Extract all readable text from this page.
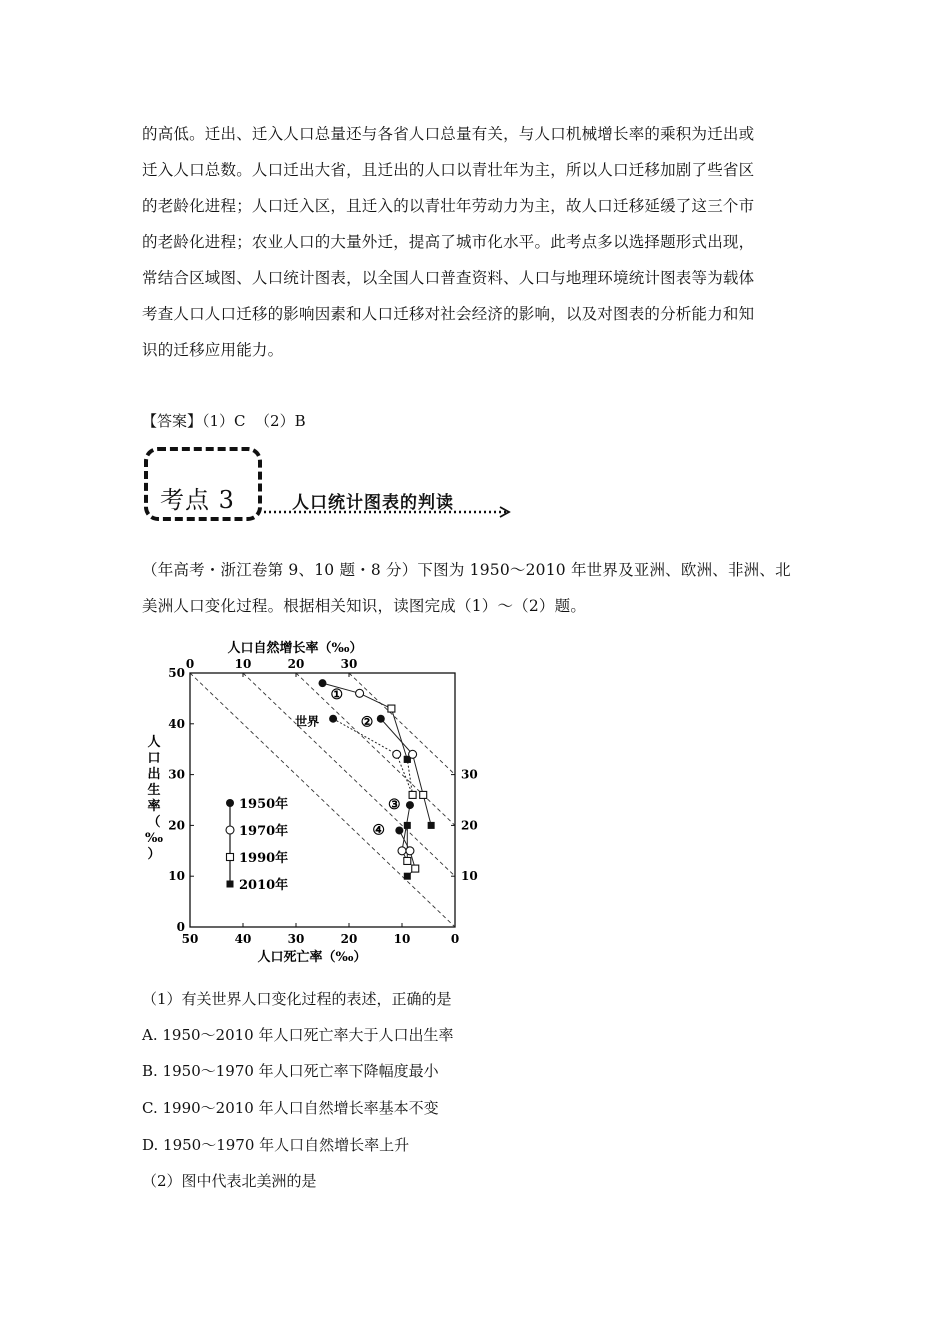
的高低。迁出、迁入人口总量还与各省人口总量有关，与人口机械增长率的乘积为迁出或
迁入人口总数。人口迁出大省，且迁出的人口以青壮年为主，所以人口迁移加剧了些省区
的老龄化进程；人口迁入区，且迁入的以青壮年劳动力为主，故人口迁移延缓了这三个市
的老龄化进程；农业人口的大量外迁，提高了城市化水平。此考点多以选择题形式出现，
常结合区域图、人口统计图表，以全国人口普查资料、人口与地理环境统计图表等为载体
考查人口人口迁移的影响因素和人口迁移对社会经济的影响，以及对图表的分析能力和知
识的迁移应用能力。
【答案】（1）C  （2）B
考点 3	人口统计图表的判读
（年高考・浙江卷第 9、10 题・8 分）下图为 1950～2010 年世界及亚洲、欧洲、非洲、北
美洲人口变化过程。根据相关知识，读图完成（1）～（2）题。
人口自然增长率（‰）
人口死亡率（‰）
人
口
出
生
率
（
‰
）
50	40	30	20	10	0
0	10	20	30
0
10
20
30
40
50
10
20
30
世界
①
②
③
④
1950年
1970年
1990年
2010年
（1）有关世界人口变化过程的表述，正确的是
A. 1950～2010 年人口死亡率大于人口出生率
B. 1950～1970 年人口死亡率下降幅度最小
C. 1990～2010 年人口自然增长率基本不变
D. 1950～1970 年人口自然增长率上升
（2）图中代表北美洲的是
